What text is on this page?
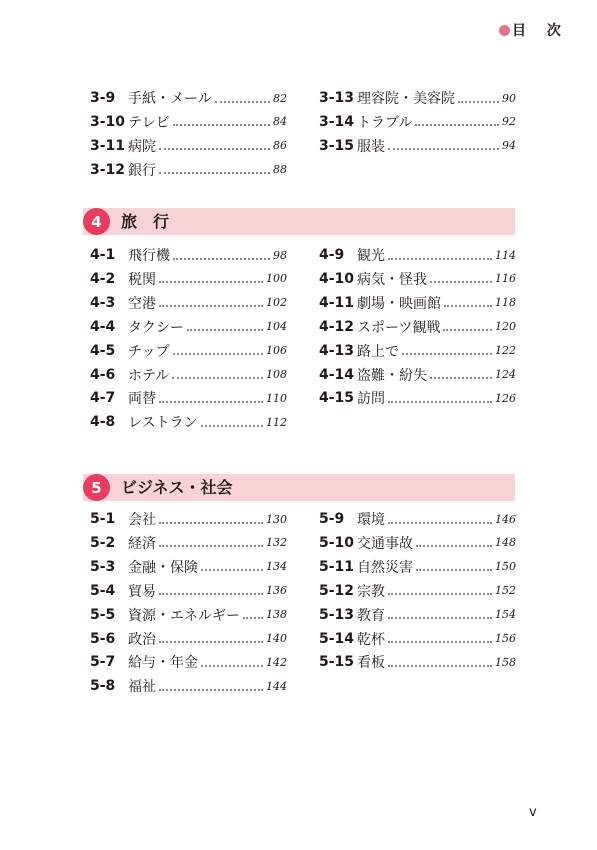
目 次
3-9 手紙・メール	82
3-10 テレビ	84
3-11 病院	86
3-12 銀行	88
3-13 理容院・美容院	90
3-14 トラブル	92
3-15 服装	94
4	旅　行
4-1 飛行機	98
4-2 税関	100
4-3 空港	102
4-4 タクシー	104
4-5 チップ	106
4-6 ホテル	108
4-7 両替	110
4-8 レストラン	112
4-9 観光	114
4-10 病気・怪我	116
4-11 劇場・映画館	118
4-12 スポーツ観戦	120
4-13 路上で	122
4-14 盗難・紛失	124
4-15 訪問	126
5	ビジネス・社会
5-1 会社	130
5-2 経済	132
5-3 金融・保険	134
5-4 貿易	136
5-5 資源・エネルギー 138
5-6 政治	140
5-7 給与・年金	142
5-8 福祉	144
5-9 環境	146
5-10 交通事故	148
5-11 自然災害	150
5-12 宗教	152
5-13 教育	154
5-14 乾杯	156
5-15 看板	158
v
